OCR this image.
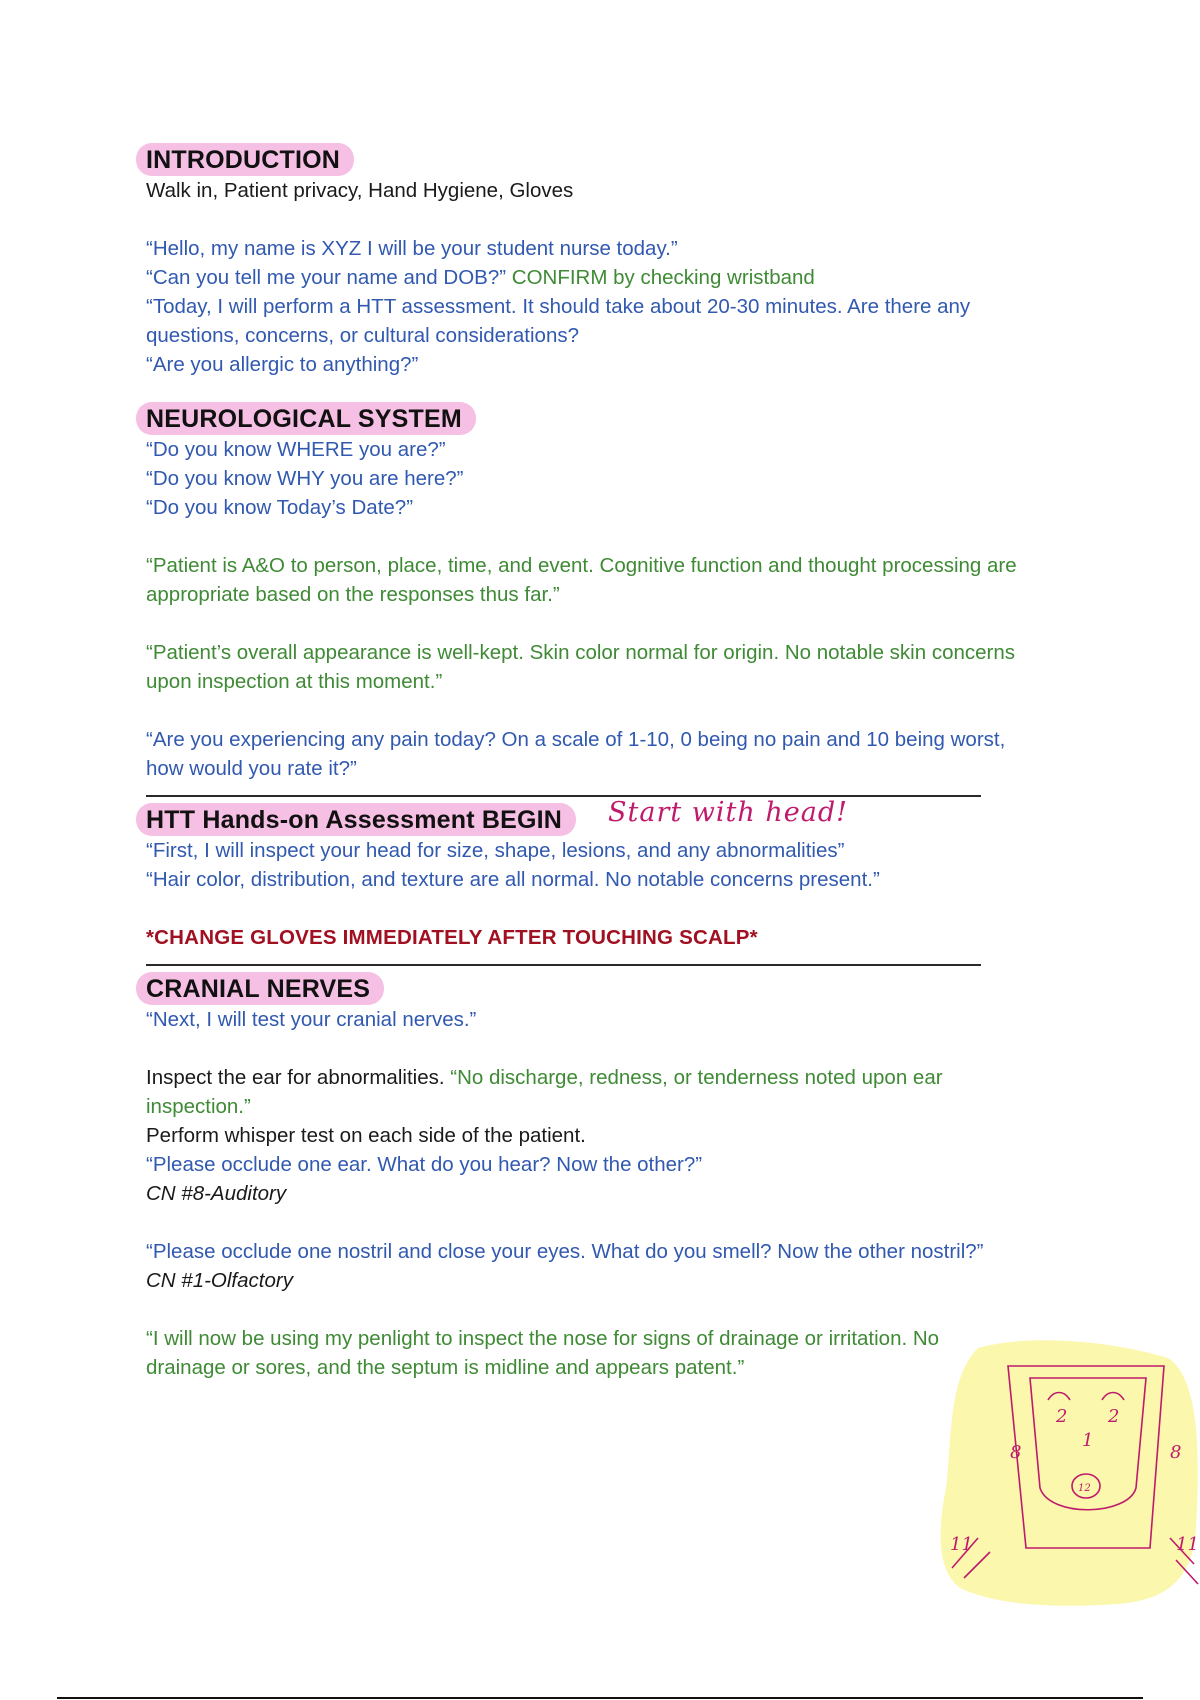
INTRODUCTION

Walk in, Patient privacy, Hand Hygiene, Gloves

“Hello, my name is XYZ I will be your student nurse today.”

“Can you tell me your name and DOB?” CONFIRM by checking wristband

“Today, I will perform a HTT assessment. It should take about 20-30 minutes. Are there any

questions, concerns, or cultural considerations?

“Are you allergic to anything?”

NEUROLOGICAL SYSTEM

“Do you know WHERE you are?”

“Do you know WHY you are here?”

“Do you know Today’s Date?”

“Patient is A&O to person, place, time, and event. Cognitive function and thought processing are

appropriate based on the responses thus far.”

“Patient’s overall appearance is well-kept. Skin color normal for origin. No notable skin concerns

upon inspection at this moment.”

“Are you experiencing any pain today? On a scale of 1-10, 0 being no pain and 10 being worst,

how would you rate it?”

HTT Hands-on Assessment BEGIN Start with head!

“First, I will inspect your head for size, shape, lesions, and any abnormalities”

“Hair color, distribution, and texture are all normal. No notable concerns present.”

*CHANGE GLOVES IMMEDIATELY AFTER TOUCHING SCALP*

CRANIAL NERVES

“Next, I will test your cranial nerves.”

Inspect the ear for abnormalities. “No discharge, redness, or tenderness noted upon ear

inspection.”

Perform whisper test on each side of the patient.

“Please occlude one ear. What do you hear? Now the other?”

CN #8-Auditory

“Please occlude one nostril and close your eyes. What do you smell? Now the other nostril?”

CN #1-Olfactory

“I will now be using my penlight to inspect the nose for signs of drainage or irritation. No

drainage or sores, and the septum is midline and appears patent.”

8	8
2 2
1
12
11	11
